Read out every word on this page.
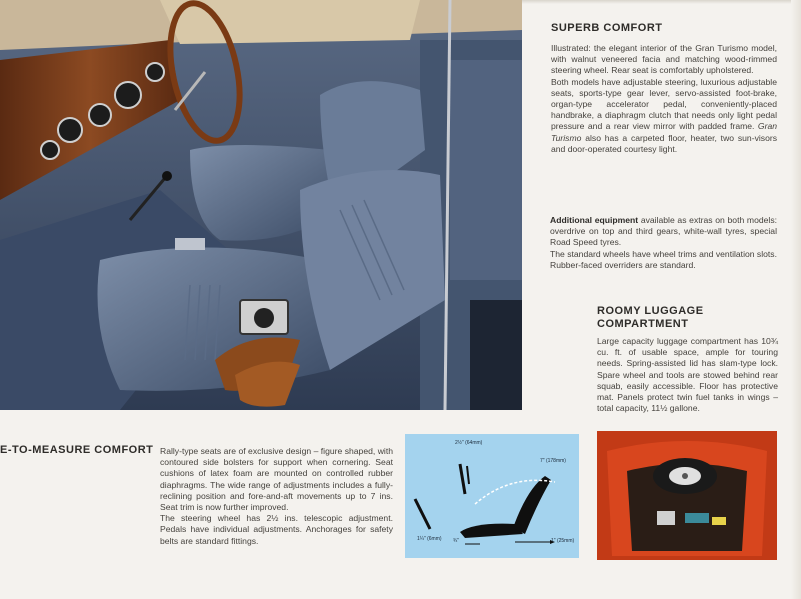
SUPERB COMFORT

Illustrated: the elegant interior of the Gran Turismo model, with walnut veneered facia and matching wood-rimmed steering wheel. Rear seat is comfortably upholstered.

Both models have adjustable steering, luxurious adjustable seats, sports-type gear lever, servo-assisted foot-brake, organ-type accelerator pedal, conveniently-placed handbrake, a diaphragm clutch that needs only light pedal pressure and a rear view mirror with padded frame. Gran Turismo also has a carpeted floor, heater, two sun-visors and door-operated courtesy light.

Additional equipment available as extras on both models: overdrive on top and third gears, white-wall tyres, special Road Speed tyres.

The standard wheels have wheel trims and ventilation slots. Rubber-faced overriders are standard.

ROOMY LUGGAGE
COMPARTMENT

Large capacity luggage compartment has 10¾ cu. ft. of usable space, ample for touring needs. Spring-assisted lid has slam-type lock. Spare wheel and tools are stowed behind rear squab, easily accessible. Floor has protective mat. Panels protect twin fuel tanks in wings – total capacity, 11½ gallone.

E-TO-MEASURE COMFORT Rally-type seats are of exclusive design – figure shaped, with contoured side bolsters for support when cornering. Seat cushions of latex foam are mounted on controlled rubber diaphragms. The wide range of adjustments includes a fully-reclining position and fore-and-aft movements up to 7 ins. Seat trim is now further improved.

The steering wheel has 2½ ins. telescopic adjustment. Pedals have individual adjustments. Anchorages for safety belts are standard fittings.

2½" (64mm)
7" (178mm)
1¼" (6mm)	1" (25mm)
¾"
